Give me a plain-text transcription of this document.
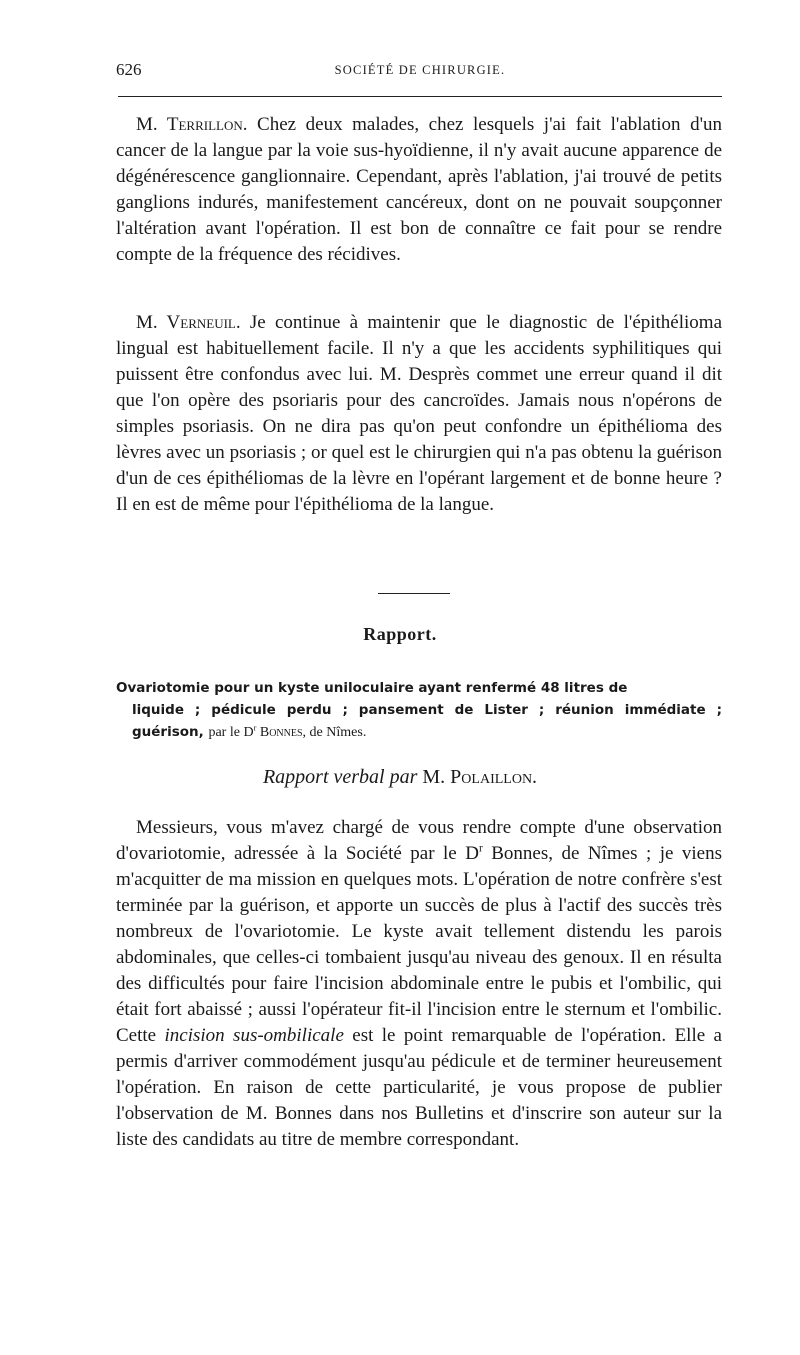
626	SOCIÉTÉ DE CHIRURGIE.

M. Terrillon. Chez deux malades, chez lesquels j'ai fait l'ablation d'un cancer de la langue par la voie sus-hyoïdienne, il n'y avait aucune apparence de dégénérescence ganglionnaire. Cependant, après l'ablation, j'ai trouvé de petits ganglions indurés, manifestement cancéreux, dont on ne pouvait soupçonner l'altération avant l'opération. Il est bon de connaître ce fait pour se rendre compte de la fréquence des récidives.

M. Verneuil. Je continue à maintenir que le diagnostic de l'épithélioma lingual est habituellement facile. Il n'y a que les accidents syphilitiques qui puissent être confondus avec lui. M. Desprès commet une erreur quand il dit que l'on opère des psoriaris pour des cancroïdes. Jamais nous n'opérons de simples psoriasis. On ne dira pas qu'on peut confondre un épithélioma des lèvres avec un psoriasis ; or quel est le chirurgien qui n'a pas obtenu la guérison d'un de ces épithéliomas de la lèvre en l'opérant largement et de bonne heure ? Il en est de même pour l'épithélioma de la langue.

Rapport.

Ovariotomie pour un kyste uniloculaire ayant renfermé 48 litres de
liquide ; pédicule perdu ; pansement de Lister ; réunion immédiate ; guérison, par le $D^r$ Bonnes, de Nîmes.

Rapport verbal par M. Polaillon.

Messieurs, vous m'avez chargé de vous rendre compte d'une observation d'ovariotomie, adressée à la Société par le $D^r$ Bonnes, de Nîmes ; je viens m'acquitter de ma mission en quelques mots. L'opération de notre confrère s'est terminée par la guérison, et apporte un succès de plus à l'actif des succès très nombreux de l'ovariotomie. Le kyste avait tellement distendu les parois abdominales, que celles-ci tombaient jusqu'au niveau des genoux. Il en résulta des difficultés pour faire l'incision abdominale entre le pubis et l'ombilic, qui était fort abaissé ; aussi l'opérateur fit-il l'incision entre le sternum et l'ombilic. Cette incision sus-ombilicale est le point remarquable de l'opération. Elle a permis d'arriver commodément jusqu'au pédicule et de terminer heureusement l'opération. En raison de cette particularité, je vous propose de publier l'observation de M. Bonnes dans nos Bulletins et d'inscrire son auteur sur la liste des candidats au titre de membre correspondant.
